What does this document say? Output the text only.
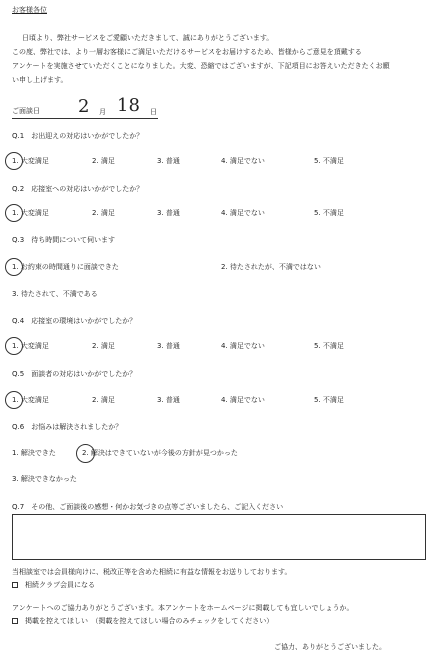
お客様各位
日頃より、弊社サービスをご愛顧いただきまして、誠にありがとうございます。
この度、弊社では、より一層お客様にご満足いただけるサービスをお届けするため、皆様からご意見を頂戴する
アンケートを実施させていただくことになりました。大変、恐縮ではございますが、下記項目にお答えいただきたくお願
い申し上げます。
ご面談日 2 月 18 日
Q.1　お出迎えの対応はいかがでしたか？
1. 大変満足	2. 満足	3. 普通	4. 満足でない	5. 不満足
Q.2　応接室への対応はいかがでしたか？
1. 大変満足	2. 満足	3. 普通	4. 満足でない	5. 不満足
Q.3　待ち時間について伺います
1. お約束の時間通りに面談できた	2. 待たされたが、不満ではない
3. 待たされて、不満である
Q.4　応接室の環境はいかがでしたか？
1. 大変満足	2. 満足	3. 普通	4. 満足でない	5. 不満足
Q.5　面談者の対応はいかがでしたか？
1. 大変満足	2. 満足	3. 普通	4. 満足でない	5. 不満足
Q.6　お悩みは解決されましたか？
1. 解決できた	2. 解決はできていないが今後の方針が見つかった
3. 解決できなかった
Q.7　その他、ご面談後の感想・何かお気づきの点等ございましたら、ご記入ください
当相談室では会員様向けに、税改正等を含めた相続に有益な情報をお送りしております。
相続クラブ会員になる
アンケートへのご協力ありがとうございます。本アンケートをホームページに掲載しても宜しいでしょうか。
掲載を控えてほしい　（掲載を控えてほしい場合のみチェックをしてください）
ご協力、ありがとうございました。
